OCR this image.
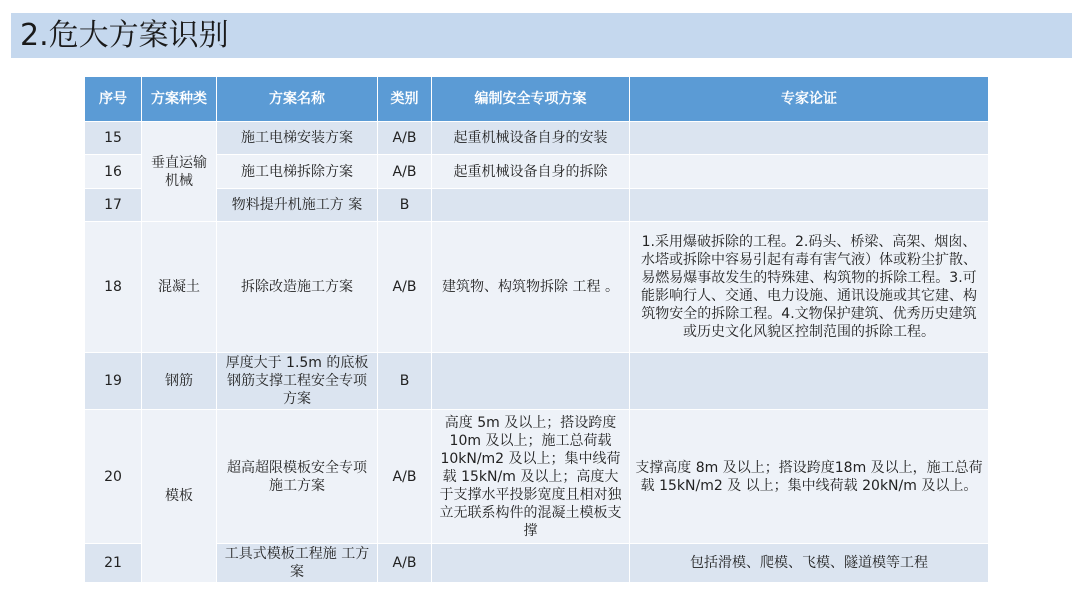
2.危大方案识别
序号	方案种类	方案名称	类别	编制安全专项方案	专家论证
15	垂直运输机械	施工电梯安装方案	A/B	起重机械设备自身的安装	
16		施工电梯拆除方案	A/B	起重机械设备自身的拆除	
17		物料提升机施工方 案	B		
18	混凝土	拆除改造施工方案	A/B	建筑物、构筑物拆除 工程 。	1.采用爆破拆除的工程。2.码头、桥梁、高架、烟囱、水塔或拆除中容易引起有毒有害气液）体或粉尘扩散、易燃易爆事故发生的特殊建、构筑物的拆除工程。3.可能影响行人、交通、电力设施、通讯设施或其它建、构筑物安全的拆除工程。4.文物保护建筑、优秀历史建筑或历史文化风貌区控制范围的拆除工程。
19	钢筋	厚度大于 1.5m 的底板钢筋支撑工程安全专项方案	B		
20	模板	超高超限模板安全专项施工方案	A/B	高度 5m 及以上；搭设跨度 10m 及以上；施工总荷载 10kN/m2 及以上；集中线荷载 15kN/m 及以上；高度大于支撑水平投影宽度且相对独立无联系构件的混凝土模板支撑	支撑高度 8m 及以上；搭设跨度18m 及以上，施工总荷载 15kN/m2 及 以上；集中线荷载 20kN/m 及以上。
21		工具式模板工程施 工方案	A/B		包括滑模、爬模、飞模、隧道模等工程
